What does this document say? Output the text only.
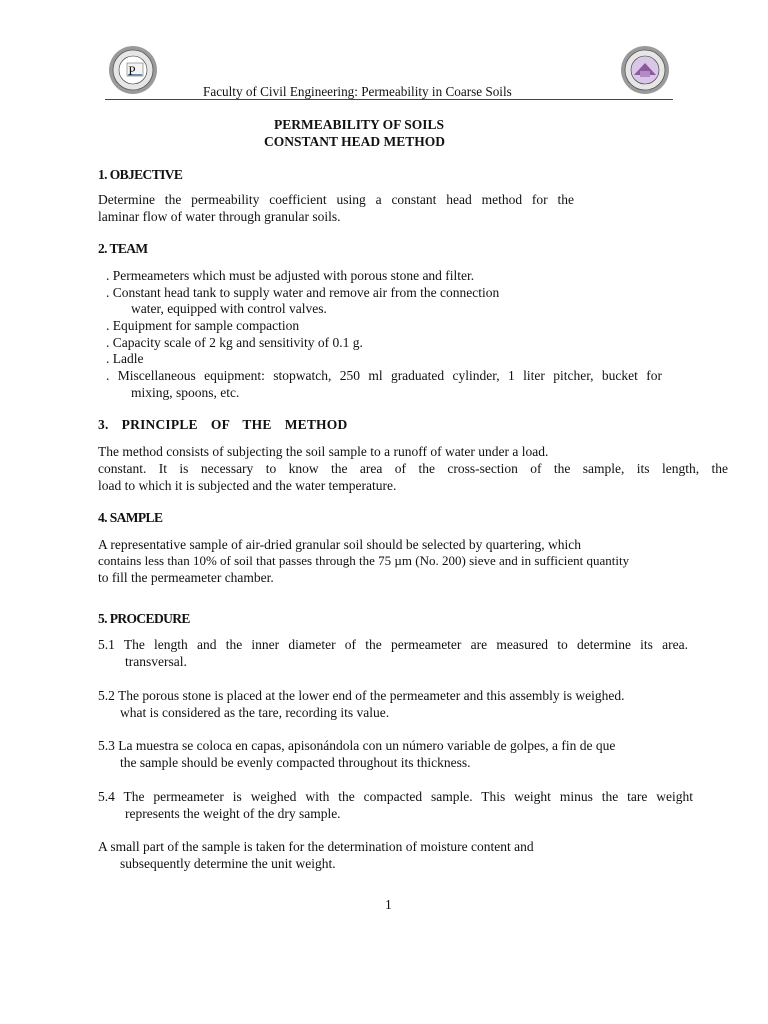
P
Faculty of Civil Engineering: Permeability in Coarse Soils
PERMEABILITY OF SOILS
CONSTANT HEAD METHOD
1. OBJECTIVE
Determine the permeability coefficient using a constant head method for the
laminar flow of water through granular soils.
2. TEAM
. Permeameters which must be adjusted with porous stone and filter.
. Constant head tank to supply water and remove air from the connection
water, equipped with control valves.
. Equipment for sample compaction
. Capacity scale of 2 kg and sensitivity of 0.1 g.
. Ladle
. Miscellaneous equipment: stopwatch, 250 ml graduated cylinder, 1 liter pitcher, bucket for
mixing, spoons, etc.
3.  PRINCIPLE  OF  THE  METHOD
The method consists of subjecting the soil sample to a runoff of water under a load.
constant. It is necessary to know the area of the cross-section of the sample, its length, the
load to which it is subjected and the water temperature.
4. SAMPLE
A representative sample of air-dried granular soil should be selected by quartering, which
contains less than 10% of soil that passes through the 75 µm (No. 200) sieve and in sufficient quantity
to fill the permeameter chamber.
5. PROCEDURE
5.1 The length and the inner diameter of the permeameter are measured to determine its area.
transversal.
5.2 The porous stone is placed at the lower end of the permeameter and this assembly is weighed.
what is considered as the tare, recording its value.
5.3 La muestra se coloca en capas, apisonándola con un número variable de golpes, a fin de que
the sample should be evenly compacted throughout its thickness.
5.4 The permeameter is weighed with the compacted sample. This weight minus the tare weight
represents the weight of the dry sample.
A small part of the sample is taken for the determination of moisture content and
subsequently determine the unit weight.
1
